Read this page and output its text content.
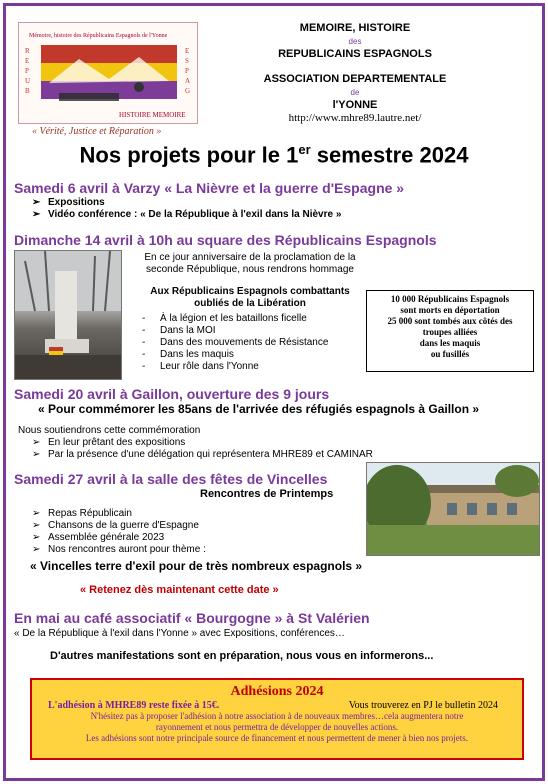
Mémoire, histoire des Républicains Espagnols de l'Yonne
R
E
P
U
B
E
S
P
A
G
HISTOIRE MEMOIRE
« Vérité, Justice et Réparation »
MEMOIRE, HISTOIRE
des
REPUBLICAINS ESPAGNOLS
ASSOCIATION DEPARTEMENTALE
de
l'YONNE
http://www.mhre89.lautre.net/
Nos projets pour le 1er semestre 2024
Samedi 6 avril à Varzy « La Nièvre et la guerre d'Espagne »
➢ Expositions
➢ Vidéo conférence : « De la République à l'exil dans la Nièvre »
Dimanche 14 avril à 10h au square des Républicains Espagnols
En ce jour anniversaire de la proclamation de la
seconde République, nous rendrons hommage
Aux Républicains Espagnols combattants
oubliés de la Libération
- À la légion et les bataillons ficelle
- Dans la MOI
- Dans des mouvements de Résistance
- Dans les maquis
- Leur rôle dans l'Yonne
10 000 Républicains Espagnols
sont morts en déportation
25 000 sont tombés aux côtés des
troupes alliées
dans les maquis
ou fusillés
Samedi 20 avril à Gaillon, ouverture des 9 jours
« Pour commémorer les 85ans de l'arrivée des réfugiés espagnols à Gaillon »
Nous soutiendrons cette commémoration
➢ En leur prêtant des expositions
➢ Par la présence d'une délégation qui représentera MHRE89 et CAMINAR
Samedi 27 avril à la salle des fêtes de Vincelles
Rencontres de Printemps
➢ Repas Républicain
➢ Chansons de la guerre d'Espagne
➢ Assemblée générale 2023
➢ Nos rencontres auront pour thème :
« Vincelles terre d'exil pour de très nombreux espagnols »
« Retenez dès maintenant cette date »
En mai au café associatif « Bourgogne » à St Valérien
« De la République à l'exil dans l'Yonne » avec Expositions, conférences…
D'autres manifestations sont en préparation, nous vous en informerons...
Adhésions 2024
L'adhésion à MHRE89 reste fixée à 15€.	Vous trouverez en PJ le bulletin 2024
N'hésitez pas à proposer l'adhésion à notre association à de nouveaux membres…cela augmentera notre
rayonnement et nous permettra de développer de nouvelles actions.
Les adhésions sont notre principale source de financement et nous permettent de mener à bien nos projets.
